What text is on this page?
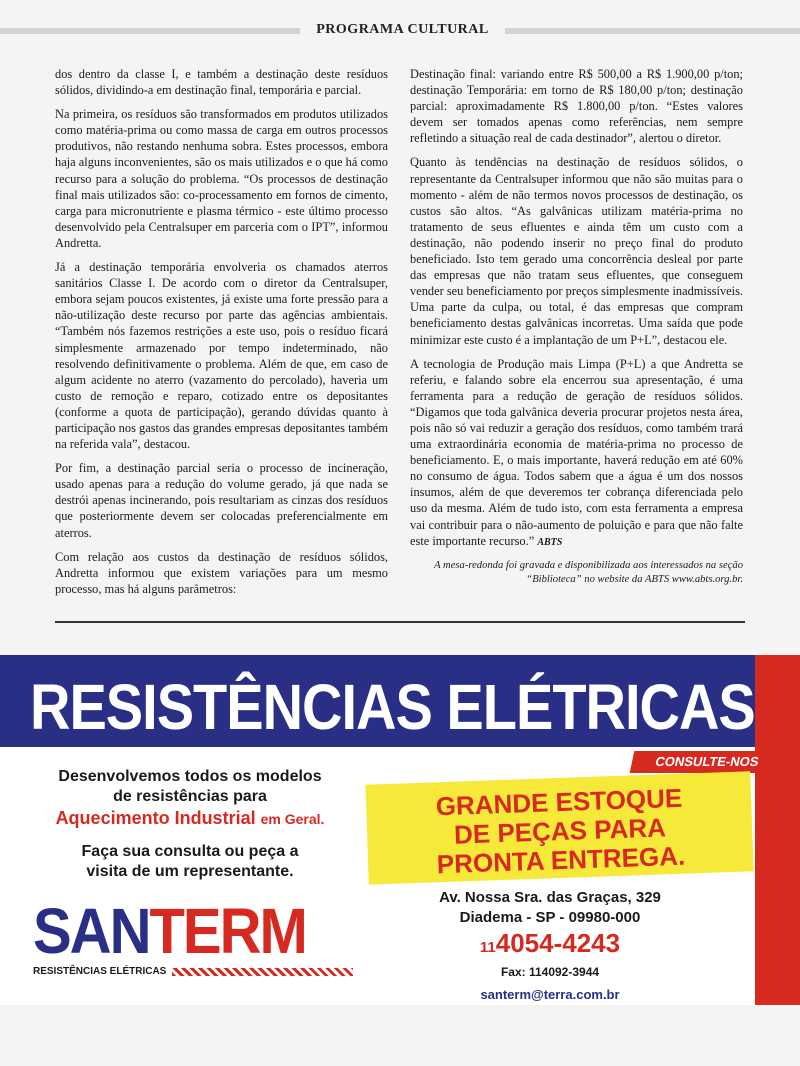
PROGRAMA CULTURAL

dos dentro da classe I, e também a destinação deste resíduos sólidos, dividindo-a em destinação final, temporária e parcial.

Na primeira, os resíduos são transformados em produtos utilizados como matéria-prima ou como massa de carga em outros processos produtivos, não restando nenhuma sobra. Estes processos, embora haja alguns inconvenientes, são os mais utilizados e o que há como recurso para a solução do problema. “Os processos de destinação final mais utilizados são: co-processamento em fornos de cimento, carga para micronutriente e plasma térmico - este último processo desenvolvido pela Centralsuper em parceria com o IPT”, informou Andretta.

Já a destinação temporária envolveria os chamados aterros sanitários Classe I. De acordo com o diretor da Centralsuper, embora sejam poucos existentes, já existe uma forte pressão para a não-utilização deste recurso por parte das agências ambientais. “Também nós fazemos restrições a este uso, pois o resíduo ficará simplesmente armazenado por tempo indeterminado, não resolvendo definitivamente o problema. Além de que, em caso de algum acidente no aterro (vazamento do percolado), haveria um custo de remoção e reparo, cotizado entre os depositantes (conforme a quota de participação), gerando dúvidas quanto à participação nos gastos das grandes empresas depositantes também na referida vala”, destacou.

Por fim, a destinação parcial seria o processo de incineração, usado apenas para a redução do volume gerado, já que nada se destrói apenas incinerando, pois resultariam as cinzas dos resíduos que posteriormente devem ser colocadas preferencialmente em aterros.

Com relação aos custos da destinação de resíduos sólidos, Andretta informou que existem variações para um mesmo processo, mas há alguns parâmetros:

Destinação final: variando entre R$ 500,00 a R$ 1.900,00 p/ton; destinação Temporária: em torno de R$ 180,00 p/ton; destinação parcial: aproximadamente R$ 1.800,00 p/ton. “Estes valores devem ser tomados apenas como referências, nem sempre refletindo a situação real de cada destinador”, alertou o diretor.

Quanto às tendências na destinação de resíduos sólidos, o representante da Centralsuper informou que não são muitas para o momento - além de não termos novos processos de destinação, os custos são altos. “As galvânicas utilizam matéria-prima no tratamento de seus efluentes e ainda têm um custo com a destinação, não podendo inserir no preço final do produto beneficiado. Isto tem gerado uma concorrência desleal por parte das empresas que não tratam seus efluentes, que conseguem vender seu beneficiamento por preços simplesmente inadmissíveis. Uma parte da culpa, ou total, é das empresas que compram beneficiamento destas galvânicas incorretas. Uma saída que pode minimizar este custo é a implantação de um P+L”, destacou ele.

A tecnologia de Produção mais Limpa (P+L) a que Andretta se referiu, e falando sobre ela encerrou sua apresentação, é uma ferramenta para a redução de geração de resíduos sólidos. “Digamos que toda galvânica deveria procurar projetos nesta área, pois não só vai reduzir a geração dos resíduos, como também trará uma extraordinária economia de matéria-prima no processo de beneficiamento. E, o mais importante, haverá redução em até 60% no consumo de água. Todos sabem que a água é um dos nossos insumos, além de que deveremos ter cobrança diferenciada pelo uso da mesma. Além de tudo isto, com esta ferramenta a empresa vai contribuir para o não-aumento de poluição e para que não falte este importante recurso.” ABTS

A mesa-redonda foi gravada e disponibilizada aos interessados na seção “Biblioteca” no website da ABTS www.abts.org.br.

RESISTÊNCIAS ELÉTRICAS
CONSULTE-NOS
Desenvolvemos todos os modelos
de resistências para
Aquecimento Industrial em Geral.
Faça sua consulta ou peça a
visita de um representante.
GRANDE ESTOQUE
DE PEÇAS PARA
PRONTA ENTREGA.
SANTERM
RESISTÊNCIAS ELÉTRICAS
Av. Nossa Sra. das Graças, 329
Diadema - SP - 09980-000
114054-4243
Fax: 114092-3944
santerm@terra.com.br
